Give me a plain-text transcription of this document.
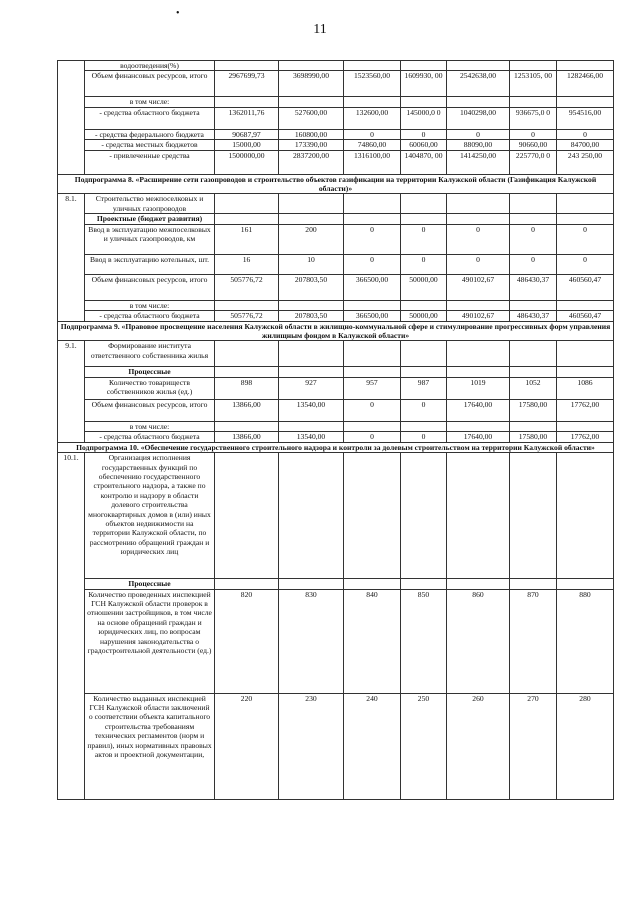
•
11
	водоотведения(%)							
	Объем финансовых ресурсов, итого	2967699,73	3698990,00	1523560,00	1609930, 00	2542638,00	1253105, 00	1282466,00
	в том числе:							
	- средства областного бюджета	1362011,76	527600,00	132600,00	145000,0 0	1040298,00	936675,0 0	954516,00
	- средства федерального бюджета	90687,97	160800,00	0	0	0	0	0
	- средства местных бюджетов	15000,00	173390,00	74860,00	60060,00	88090,00	90660,00	84700,00
	- привлеченные средства	1500000,00	2837200,00	1316100,00	1404870, 00	1414250,00	225770,0 0	243 250,00
Подпрограмма 8. «Расширение сети газопроводов и строительство объектов газификации на территории Калужской области (Газификация Калужской области)»								
8.1.	Строительство межпоселковых и уличных газопроводов							
	Проектные (бюджет развития)							
	Ввод в эксплуатацию межпоселковых и уличных газопроводов, км	161	200	0	0	0	0	0
	Ввод в эксплуатацию котельных, шт.	16	10	0	0	0	0	0
	Объем финансовых ресурсов, итого	505776,72	207803,50	366500,00	50000,00	490102,67	486430,37	460560,47
	в том числе:							
	- средства областного бюджета	505776,72	207803,50	366500,00	50000,00	490102,67	486430,37	460560,47
Подпрограмма 9. «Правовое просвещение населения Калужской области в жилищно-коммунальной сфере и стимулирование прогрессивных форм управления жилищным фондом в Калужской области»								
9.1.	Формирование института ответственного собственника жилья							
	Процессные							
	Количество товариществ собственников жилья (ед.)	898	927	957	987	1019	1052	1086
	Объем финансовых ресурсов, итого	13866,00	13540,00	0	0	17640,00	17580,00	17762,00
	в том числе:							
	- средства областного бюджета	13866,00	13540,00	0	0	17640,00	17580,00	17762,00
Подпрограмма 10. «Обеспечение государственного строительного надзора и контроли за долевым строительством на территории Калужской области»								
10.1.	Организация исполнения государственных функций по обеспечению государственного строительного надзора, а также по контролю и надзору в области долевого строительства многоквартирных домов в (или) иных объектов недвижимости на территории Калужской области, по рассмотрению обращений граждан и юридических лиц							
	Процессные							
	Количество проведенных инспекцией ГСН Калужской области проверок в отношении застройщиков, в том числе на основе обращений граждан и юридических лиц, по вопросам нарушения законодательства о градостроительной деятельности (ед.)	820	830	840	850	860	870	880
	Количество выданных инспекцией ГСН Калужской области заключений о соответствии объекта капитального строительства требованиям технических регламентов (норм и правил), иных нормативных правовых актов и проектной документации,	220	230	240	250	260	270	280
